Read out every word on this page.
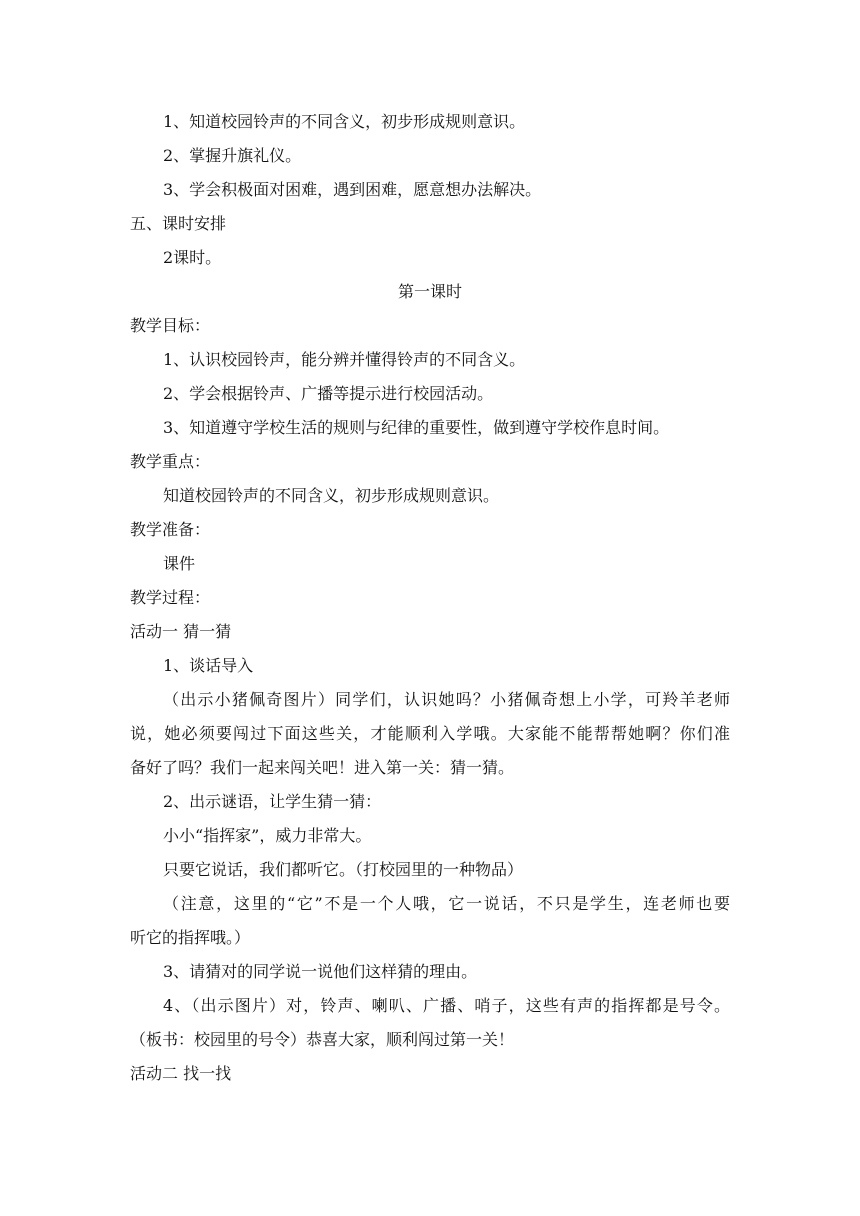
1、知道校园铃声的不同含义，初步形成规则意识。
2、掌握升旗礼仪。
3、学会积极面对困难，遇到困难，愿意想办法解决。
五、课时安排
2课时。
第一课时
教学目标：
1、认识校园铃声，能分辨并懂得铃声的不同含义。
2、学会根据铃声、广播等提示进行校园活动。
3、知道遵守学校生活的规则与纪律的重要性，做到遵守学校作息时间。
教学重点：
知道校园铃声的不同含义，初步形成规则意识。
教学准备：
课件
教学过程：
活动一 猜一猜
1、谈话导入
（出示小猪佩奇图片）同学们，认识她吗？小猪佩奇想上小学，可羚羊老师
说，她必须要闯过下面这些关，才能顺利入学哦。大家能不能帮帮她啊？你们准
备好了吗？我们一起来闯关吧！进入第一关：猜一猜。
2、出示谜语，让学生猜一猜：
小小“指挥家”，威力非常大。
只要它说话，我们都听它。（打校园里的一种物品）
（注意，这里的“它”不是一个人哦，它一说话，不只是学生，连老师也要
听它的指挥哦。）
3、请猜对的同学说一说他们这样猜的理由。
4、（出示图片）对，铃声、喇叭、广播、哨子，这些有声的指挥都是号令。
（板书：校园里的号令）恭喜大家，顺利闯过第一关！
活动二 找一找
